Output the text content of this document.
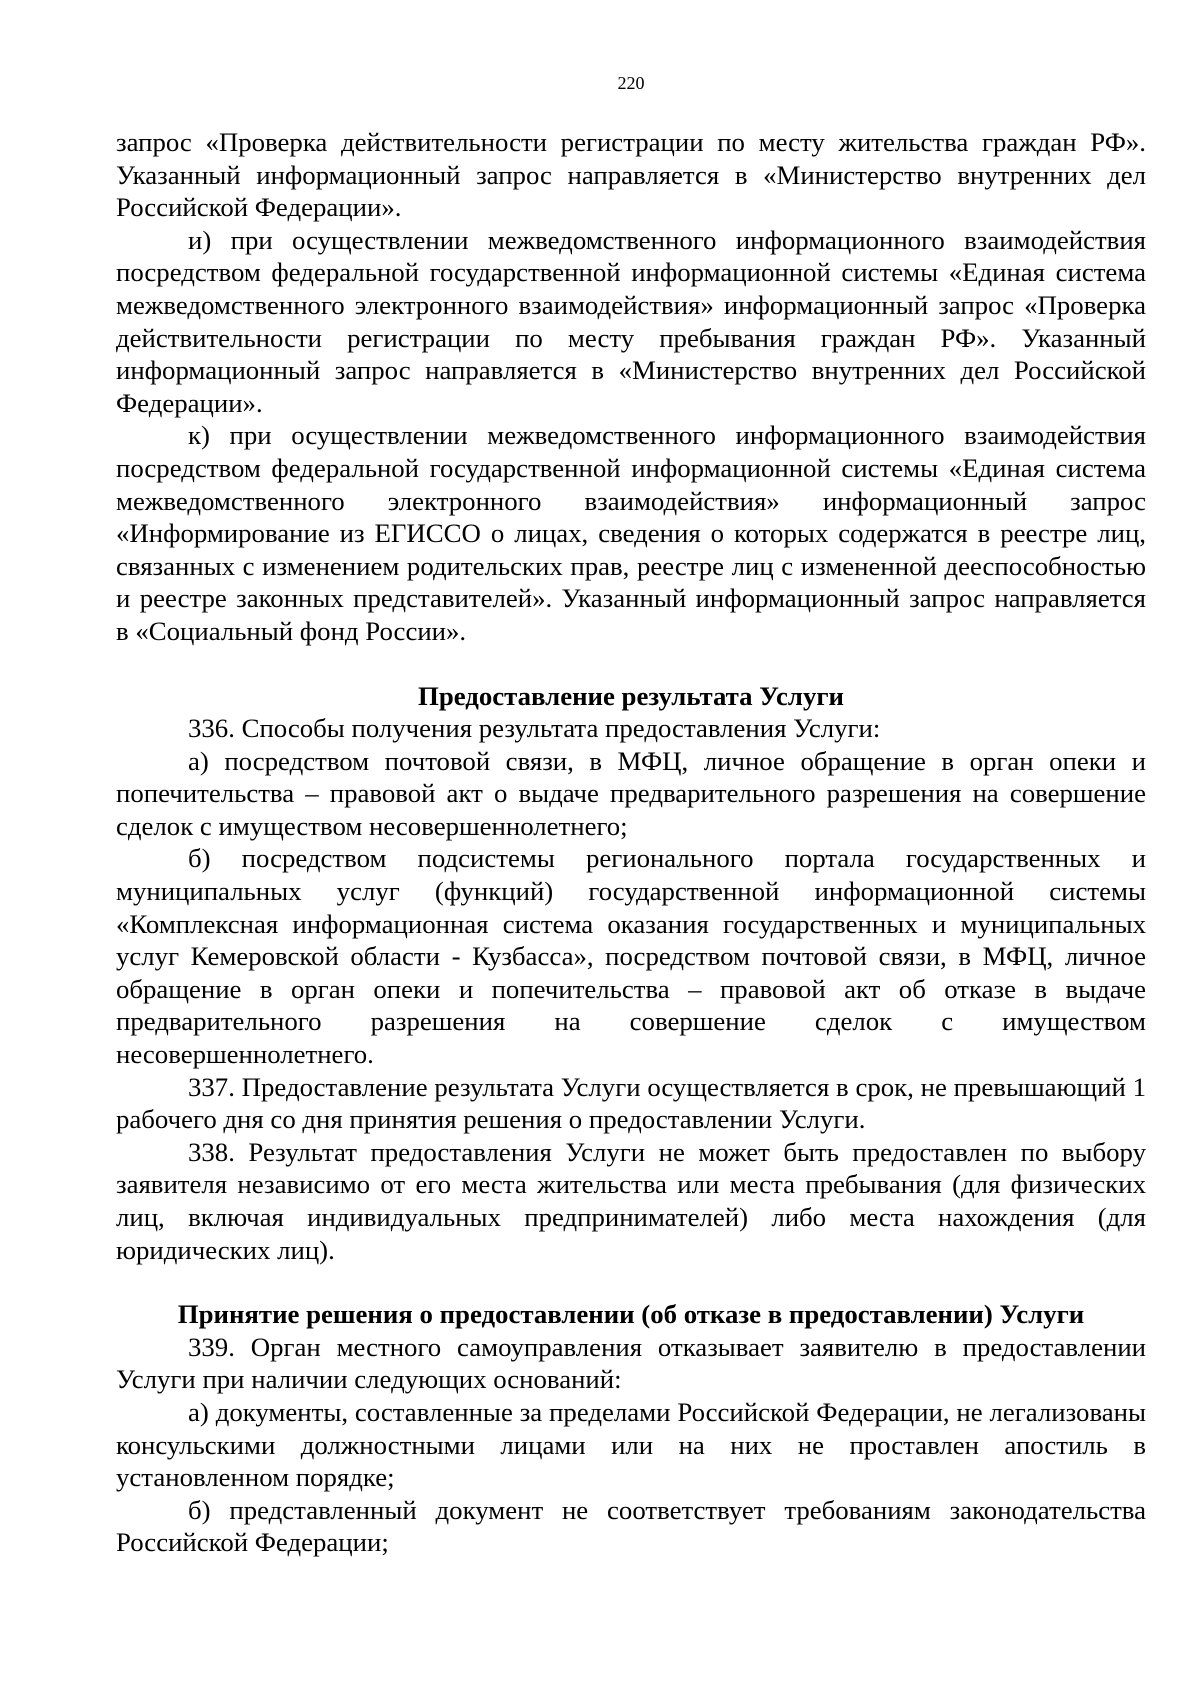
220

запрос «Проверка действительности регистрации по месту жительства граждан РФ». Указанный информационный запрос направляется в «Министерство внутренних дел Российской Федерации».

и) при осуществлении межведомственного информационного взаимодействия посредством федеральной государственной информационной системы «Единая система межведомственного электронного взаимодействия» информационный запрос «Проверка действительности регистрации по месту пребывания граждан РФ». Указанный информационный запрос направляется в «Министерство внутренних дел Российской Федерации».

к) при осуществлении межведомственного информационного взаимодействия посредством федеральной государственной информационной системы «Единая система межведомственного электронного взаимодействия» информационный запрос «Информирование из ЕГИССО о лицах, сведения о которых содержатся в реестре лиц, связанных с изменением родительских прав, реестре лиц с измененной дееспособностью и реестре законных представителей». Указанный информационный запрос направляется в «Социальный фонд России».

Предоставление результата Услуги

336. Способы получения результата предоставления Услуги:

а) посредством почтовой связи, в МФЦ, личное обращение в орган опеки и попечительства – правовой акт о выдаче предварительного разрешения на совершение сделок с имуществом несовершеннолетнего;

б) посредством подсистемы регионального портала государственных и муниципальных услуг (функций) государственной информационной системы «Комплексная информационная система оказания государственных и муниципальных услуг Кемеровской области - Кузбасса», посредством почтовой связи, в МФЦ, личное обращение в орган опеки и попечительства – правовой акт об отказе в выдаче предварительного разрешения на совершение сделок с имуществом несовершеннолетнего.

337. Предоставление результата Услуги осуществляется в срок, не превышающий 1 рабочего дня со дня принятия решения о предоставлении Услуги.

338. Результат предоставления Услуги не может быть предоставлен по выбору заявителя независимо от его места жительства или места пребывания (для физических лиц, включая индивидуальных предпринимателей) либо места нахождения (для юридических лиц).

Принятие решения о предоставлении (об отказе в предоставлении) Услуги

339. Орган местного самоуправления отказывает заявителю в предоставлении Услуги при наличии следующих оснований:

а) документы, составленные за пределами Российской Федерации, не легализованы консульскими должностными лицами или на них не проставлен апостиль в установленном порядке;

б) представленный документ не соответствует требованиям законодательства Российской Федерации;
